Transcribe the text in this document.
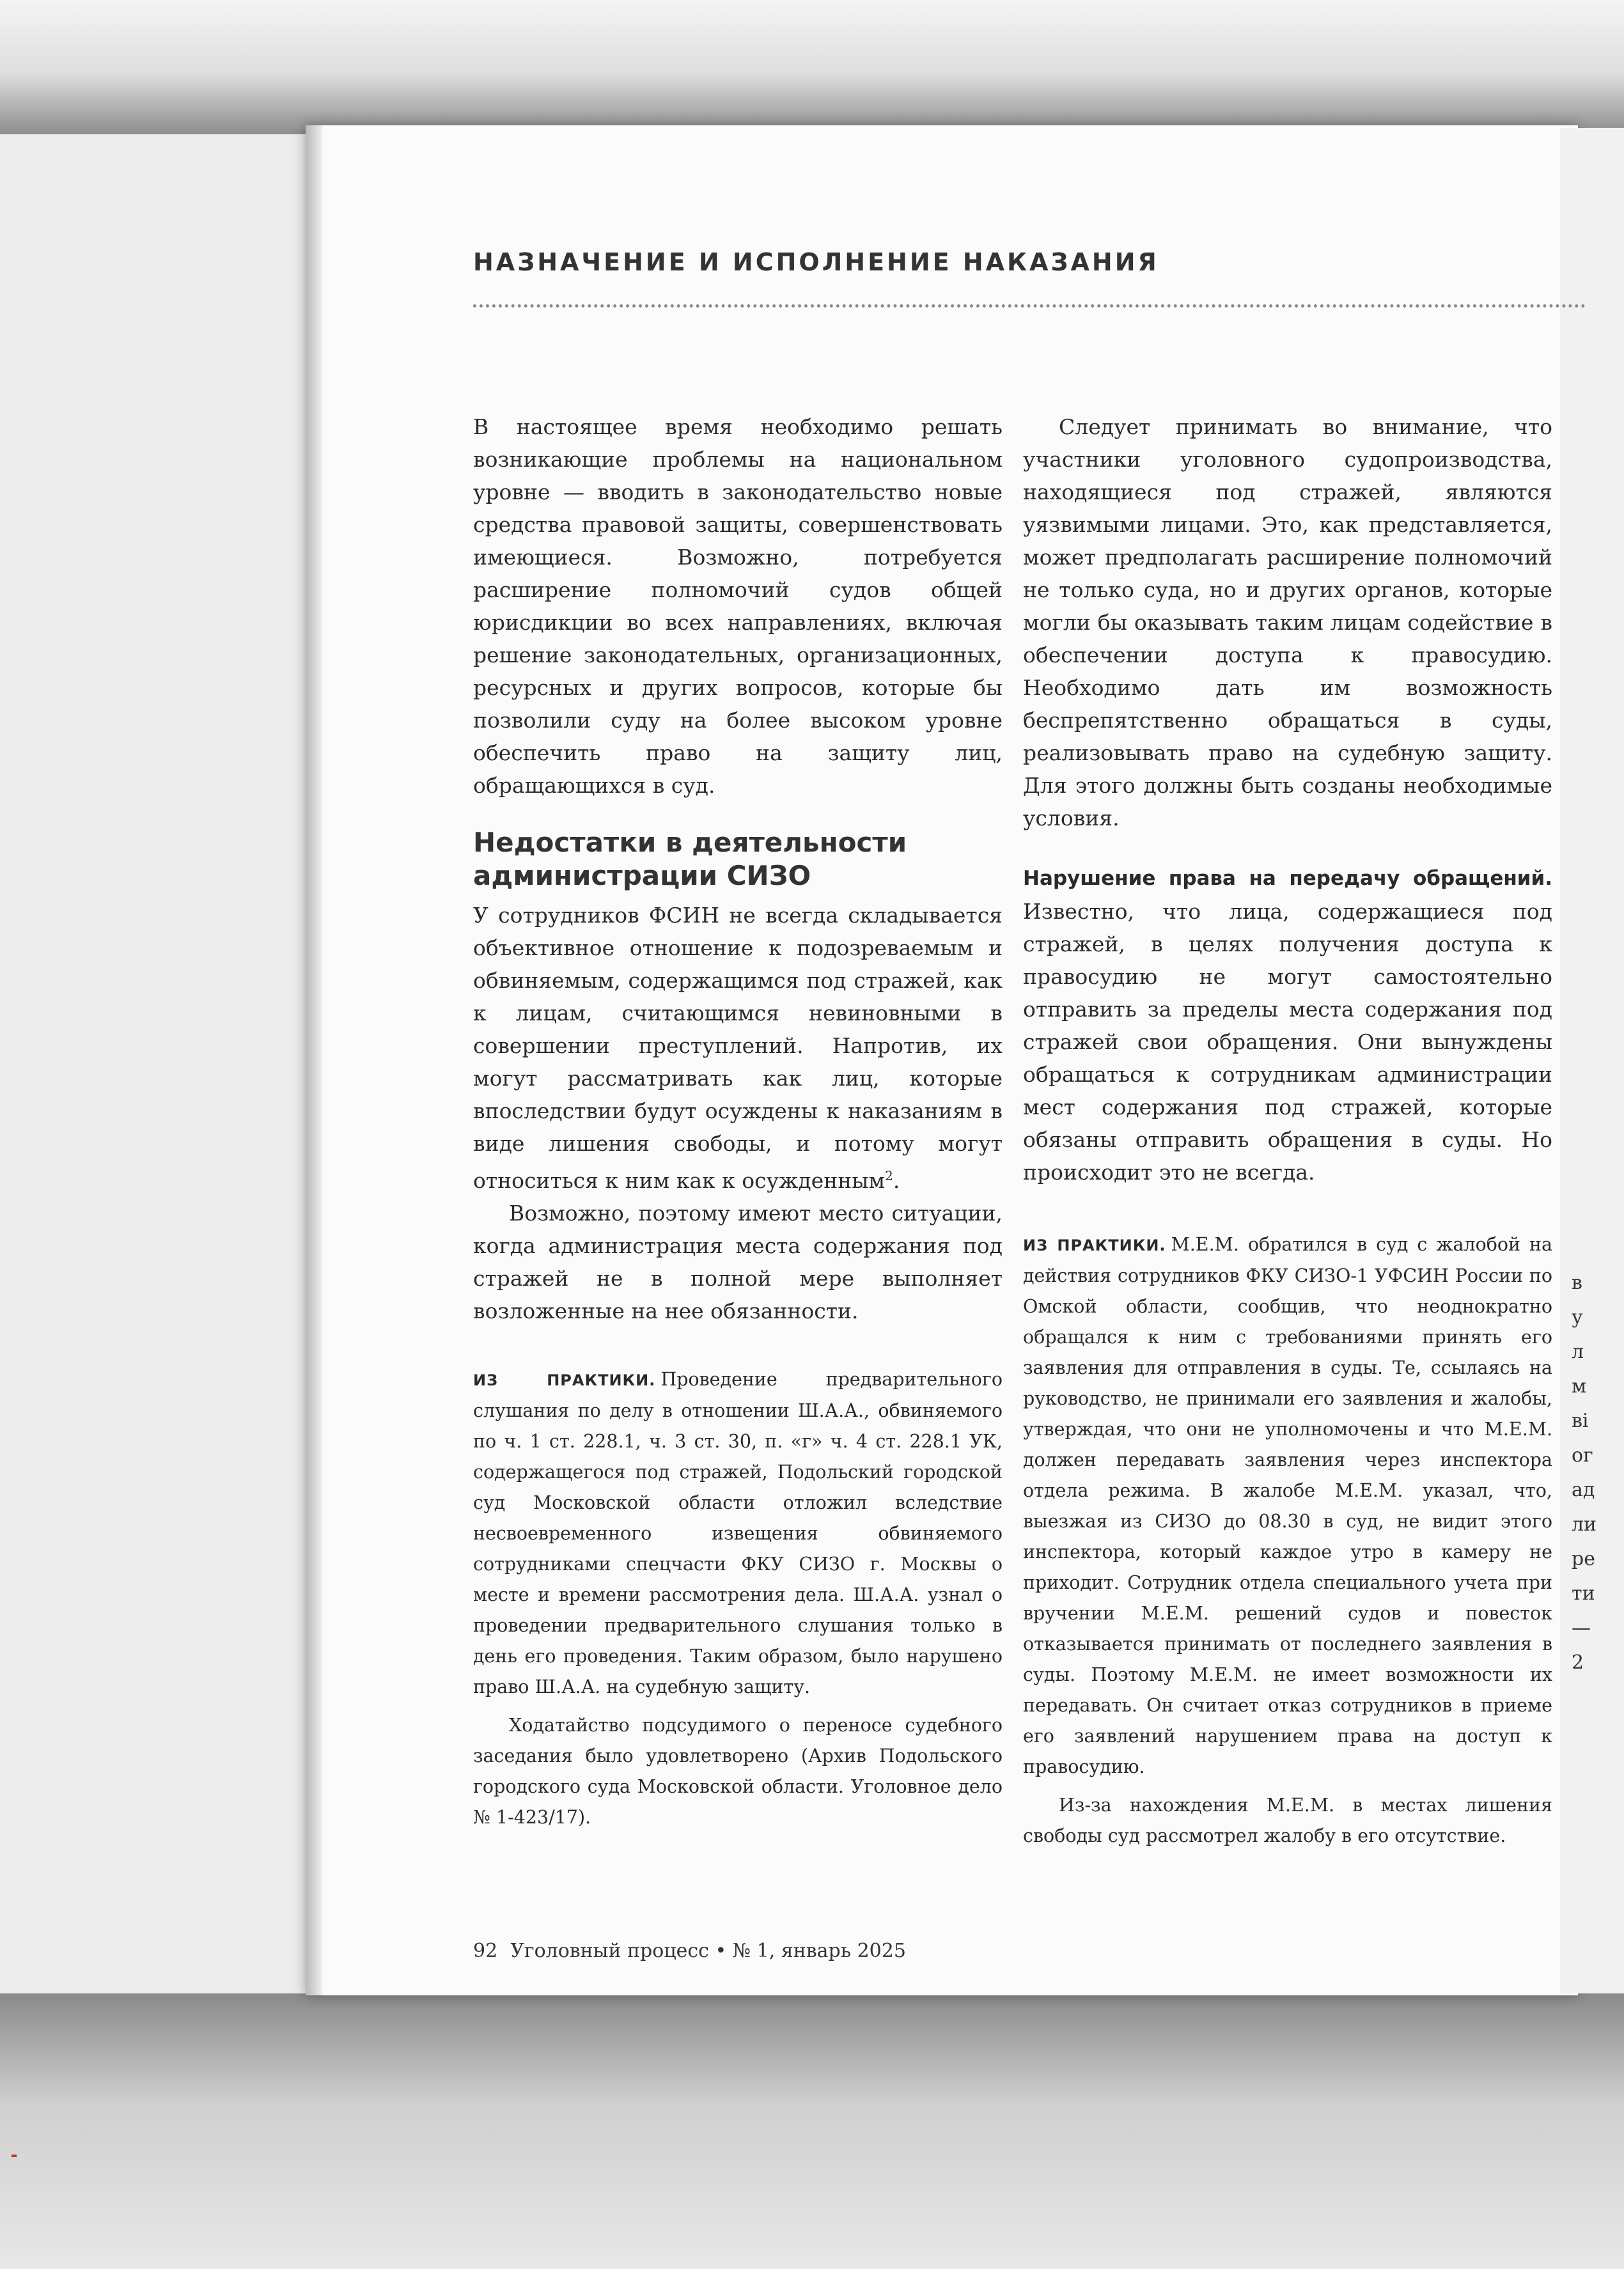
в
у
л
м
ві
ог
ад
ли
ре
ти
—
2
НАЗНАЧЕНИЕ И ИСПОЛНЕНИЕ НАКАЗАНИЯ

В настоящее время необходимо решать возникающие проблемы на национальном уровне — вводить в законодательство новые средства правовой защиты, совершенствовать имеющиеся. Возможно, потребуется расширение полномочий судов общей юрисдикции во всех направлениях, включая решение законодательных, организационных, ресурсных и других вопросов, которые бы позволили суду на более высоком уровне обеспечить право на защиту лиц, обращающихся в суд.

Недостатки в деятельности администрации СИЗО

У сотрудников ФСИН не всегда складывается объективное отношение к подозреваемым и обвиняемым, содержащимся под стражей, как к лицам, считающимся невиновными в совершении преступлений. Напротив, их могут рассматривать как лиц, которые впоследствии будут осуждены к наказаниям в виде лишения свободы, и потому могут относиться к ним как к осужденным$^2$.

Возможно, поэтому имеют место ситуации, когда администрация места содержания под стражей не в полной мере выполняет возложенные на нее обязанности.

ИЗ ПРАКТИКИ. Проведение предварительного слушания по делу в отношении Ш.А.А., обвиняемого по ч. 1 ст. 228.1, ч. 3 ст. 30, п. «г» ч. 4 ст. 228.1 УК, содержащегося под стражей, Подольский городской суд Московской области отложил вследствие несвоевременного извещения обвиняемого сотрудниками спецчасти ФКУ СИЗО г. Москвы о месте и времени рассмотрения дела. Ш.А.А. узнал о проведении предварительного слушания только в день его проведения. Таким образом, было нарушено право Ш.А.А. на судебную защиту.

Ходатайство подсудимого о переносе судебного заседания было удовлетворено (Архив Подольского городского суда Московской области. Уголовное дело № 1-423/17).

Следует принимать во внимание, что участники уголовного судопроизводства, находящиеся под стражей, являются уязвимыми лицами. Это, как представляется, может предполагать расширение полномочий не только суда, но и других органов, которые могли бы оказывать таким лицам содействие в обеспечении доступа к правосудию. Необходимо дать им возможность беспрепятственно обращаться в суды, реализовывать право на судебную защиту. Для этого должны быть созданы необходимые условия.

Нарушение права на передачу обращений. Известно, что лица, содержащиеся под стражей, в целях получения доступа к правосудию не могут самостоятельно отправить за пределы места содержания под стражей свои обращения. Они вынуждены обращаться к сотрудникам администрации мест содержания под стражей, которые обязаны отправить обращения в суды. Но происходит это не всегда.

ИЗ ПРАКТИКИ. М.Е.М. обратился в суд с жалобой на действия сотрудников ФКУ СИЗО-1 УФСИН России по Омской области, сообщив, что неоднократно обращался к ним с требованиями принять его заявления для отправления в суды. Те, ссылаясь на руководство, не принимали его заявления и жалобы, утверждая, что они не уполномочены и что М.Е.М. должен передавать заявления через инспектора отдела режима. В жалобе М.Е.М. указал, что, выезжая из СИЗО до 08.30 в суд, не видит этого инспектора, который каждое утро в камеру не приходит. Сотрудник отдела специального учета при вручении М.Е.М. решений судов и повесток отказывается принимать от последнего заявления в суды. Поэтому М.Е.М. не имеет возможности их передавать. Он считает отказ сотрудников в приеме его заявлений нарушением права на доступ к правосудию.

Из-за нахождения М.Е.М. в местах лишения свободы суд рассмотрел жалобу в его отсутствие.

92 Уголовный процесс • № 1, январь 2025
